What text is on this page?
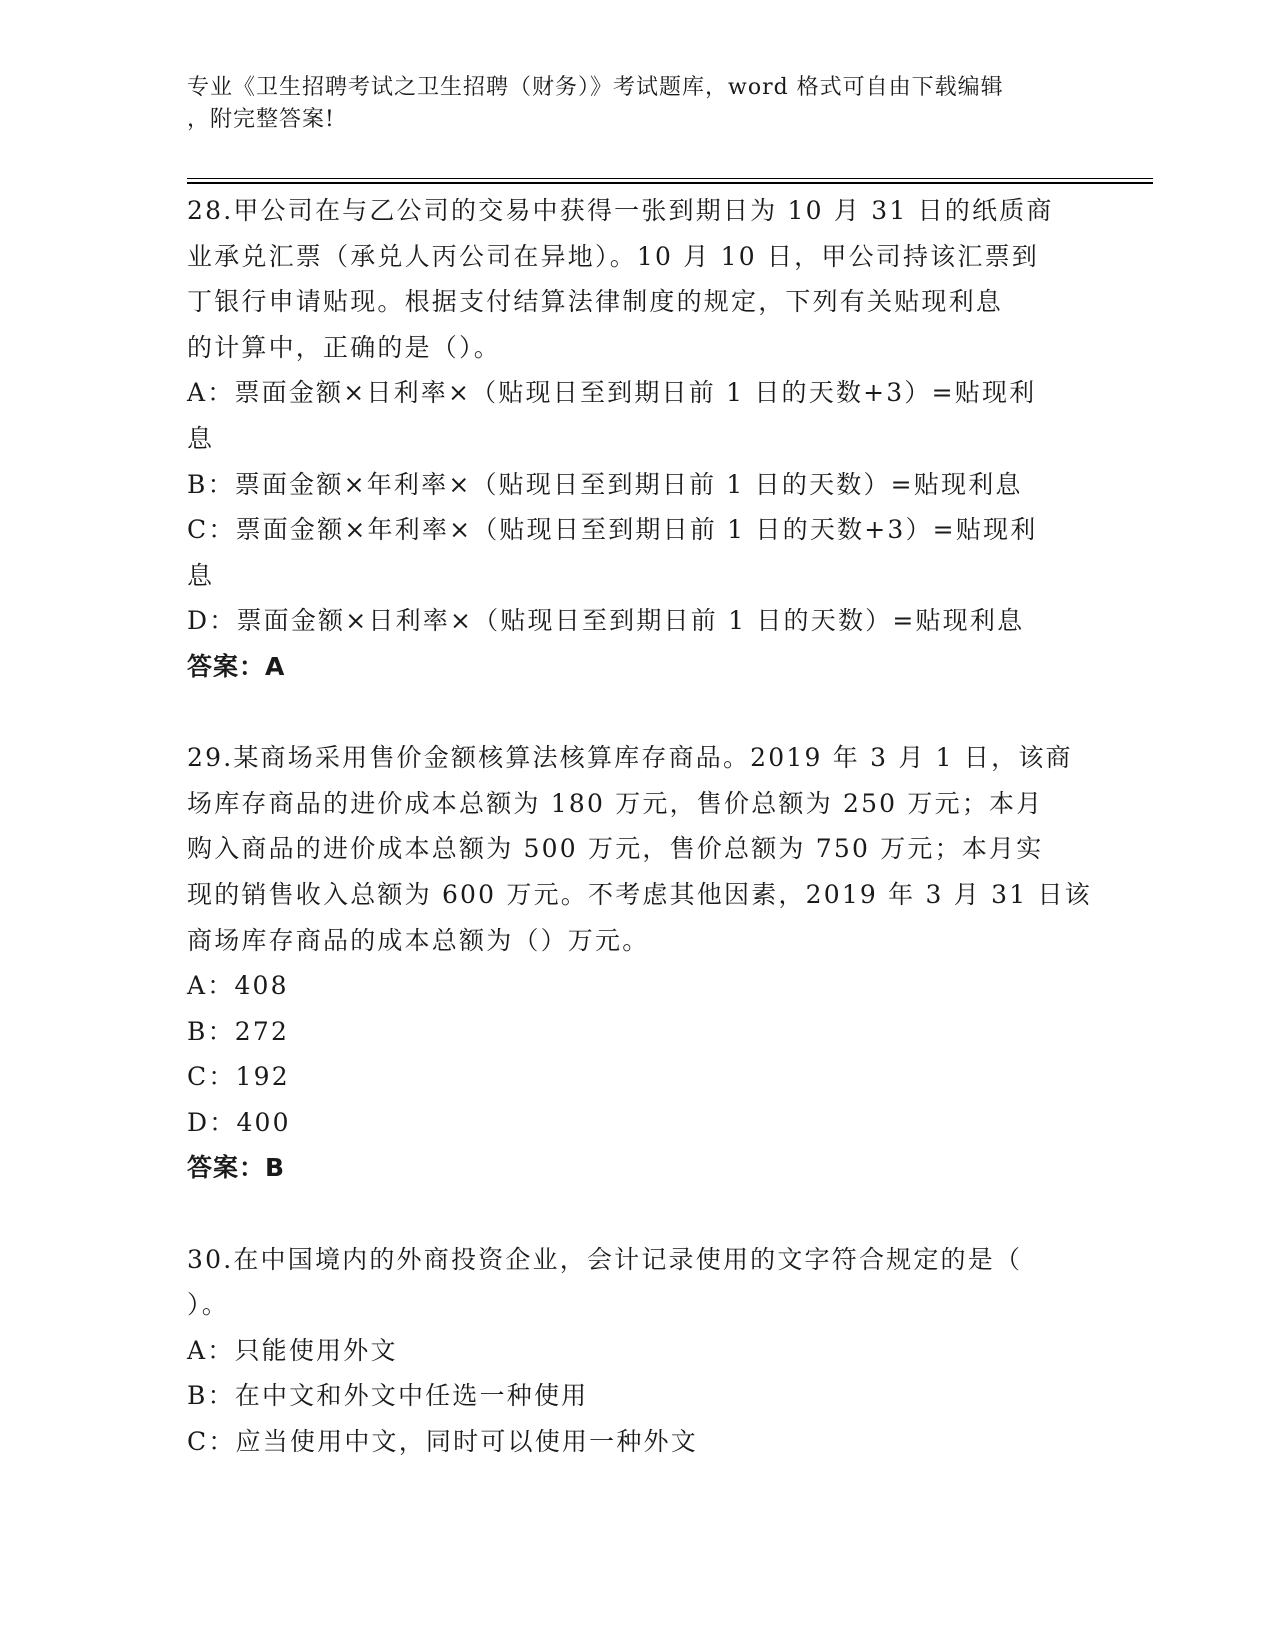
专业《卫生招聘考试之卫生招聘（财务）》考试题库，word 格式可自由下载编辑
，附完整答案!
28.甲公司在与乙公司的交易中获得一张到期日为 10 月 31 日的纸质商
业承兑汇票（承兑人丙公司在异地）。10 月 10 日，甲公司持该汇票到
丁银行申请贴现。根据支付结算法律制度的规定，下列有关贴现利息
的计算中，正确的是（）。
A：票面金额×日利率×（贴现日至到期日前 1 日的天数+3）=贴现利
息
B：票面金额×年利率×（贴现日至到期日前 1 日的天数）=贴现利息
C：票面金额×年利率×（贴现日至到期日前 1 日的天数+3）=贴现利
息
D：票面金额×日利率×（贴现日至到期日前 1 日的天数）=贴现利息
答案：A
29.某商场采用售价金额核算法核算库存商品。2019 年 3 月 1 日，该商
场库存商品的进价成本总额为 180 万元，售价总额为 250 万元；本月
购入商品的进价成本总额为 500 万元，售价总额为 750 万元；本月实
现的销售收入总额为 600 万元。不考虑其他因素，2019 年 3 月 31 日该
商场库存商品的成本总额为（）万元。
A：408
B：272
C：192
D：400
答案：B
30.在中国境内的外商投资企业，会计记录使用的文字符合规定的是（
）。
A：只能使用外文
B：在中文和外文中任选一种使用
C：应当使用中文，同时可以使用一种外文
